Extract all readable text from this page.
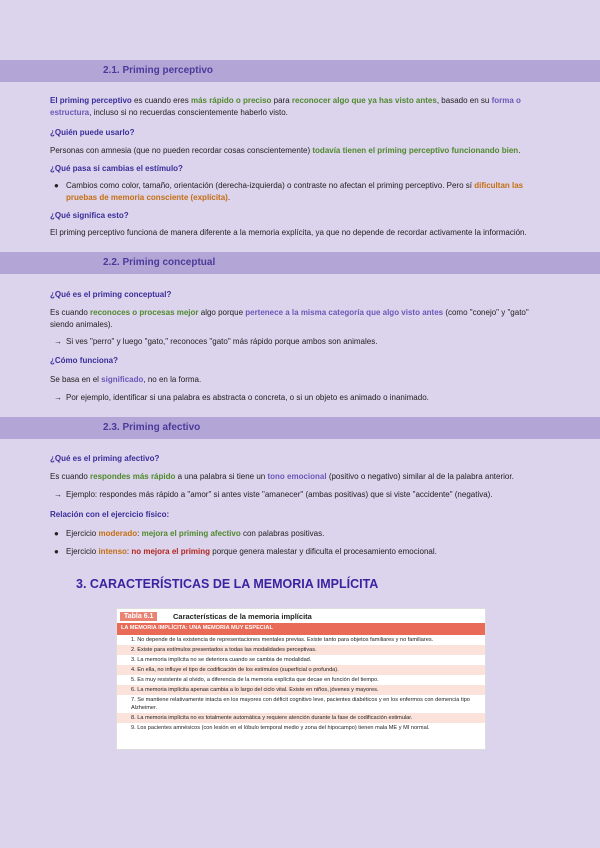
2.1. Priming perceptivo
El priming perceptivo es cuando eres más rápido o preciso para reconocer algo que ya has visto antes, basado en su forma o estructura, incluso si no recuerdas conscientemente haberlo visto.
¿Quién puede usarlo?
Personas con amnesia (que no pueden recordar cosas conscientemente) todavía tienen el priming perceptivo funcionando bien.
¿Qué pasa si cambias el estímulo?
● Cambios como color, tamaño, orientación (derecha-izquierda) o contraste no afectan el priming perceptivo. Pero sí dificultan las pruebas de memoria consciente (explícita).
¿Qué significa esto?
El priming perceptivo funciona de manera diferente a la memoria explícita, ya que no depende de recordar activamente la información.
2.2. Priming conceptual
¿Qué es el priming conceptual?
Es cuando reconoces o procesas mejor algo porque pertenece a la misma categoría que algo visto antes (como "conejo" y "gato" siendo animales).
→ Si ves "perro" y luego "gato," reconoces "gato" más rápido porque ambos son animales.
¿Cómo funciona?
Se basa en el significado, no en la forma.
→ Por ejemplo, identificar si una palabra es abstracta o concreta, o si un objeto es animado o inanimado.
2.3. Priming afectivo
¿Qué es el priming afectivo?
Es cuando respondes más rápido a una palabra si tiene un tono emocional (positivo o negativo) similar al de la palabra anterior.
→ Ejemplo: respondes más rápido a "amor" si antes viste "amanecer" (ambas positivas) que si viste "accidente" (negativa).
Relación con el ejercicio físico:
● Ejercicio moderado: mejora el priming afectivo con palabras positivas.
● Ejercicio intenso: no mejora el priming porque genera malestar y dificulta el procesamiento emocional.
3. CARACTERÍSTICAS DE LA MEMORIA IMPLÍCITA
Tabla 6.1	Características de la memoria implícita
LA MEMORIA IMPLÍCITA: UNA MEMORIA MUY ESPECIAL
1. No depende de la existencia de representaciones mentales previas. Existe tanto para objetos familiares y no familiares.
2. Existe para estímulos presentados a todas las modalidades perceptivas.
3. La memoria implícita no se deteriora cuando se cambia de modalidad.
4. En ella, no influye el tipo de codificación de los estímulos (superficial o profunda).
5. Es muy resistente al olvido, a diferencia de la memoria explícita que decae en función del tiempo.
6. La memoria implícita apenas cambia a lo largo del ciclo vital. Existe en niños, jóvenes y mayores.
7. Se mantiene relativamente intacta en los mayores con déficit cognitivo leve, pacientes diabéticos y en los enfermos con demencia tipo Alzheimer.
8. La memoria implícita no es totalmente automática y requiere atención durante la fase de codificación estimular.
9. Los pacientes amnésicos (con lesión en el lóbulo temporal medio y zona del hipocampo) tienen mala ME y MI normal.
